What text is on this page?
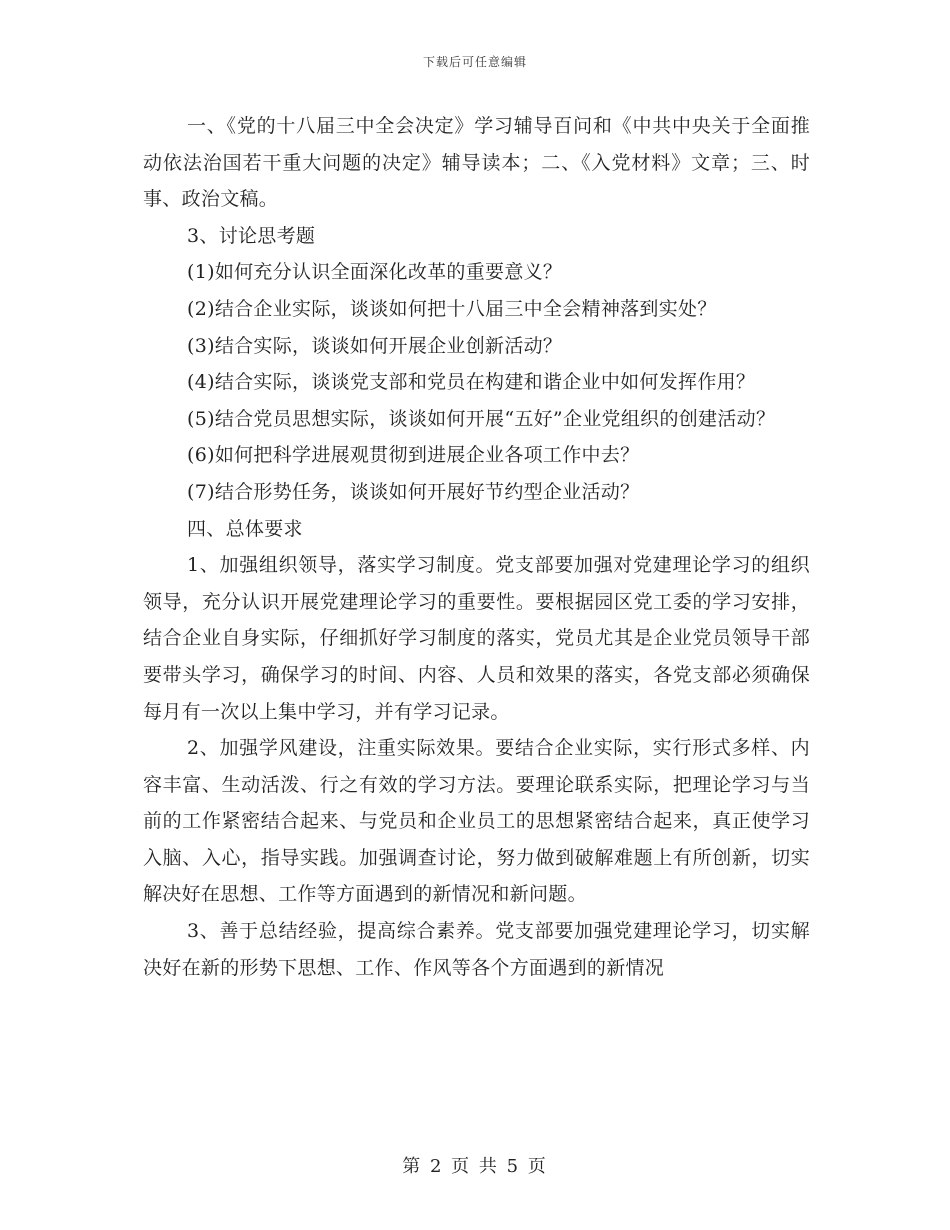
下载后可任意编辑

一、《党的十八届三中全会决定》学习辅导百问和《中共中央关于全面推动依法治国若干重大问题的决定》辅导读本；二、《入党材料》文章；三、时事、政治文稿。

3、讨论思考题

(1)如何充分认识全面深化改革的重要意义？

(2)结合企业实际，谈谈如何把十八届三中全会精神落到实处？

(3)结合实际，谈谈如何开展企业创新活动？

(4)结合实际，谈谈党支部和党员在构建和谐企业中如何发挥作用？

(5)结合党员思想实际，谈谈如何开展“五好”企业党组织的创建活动？

(6)如何把科学进展观贯彻到进展企业各项工作中去？

(7)结合形势任务，谈谈如何开展好节约型企业活动？

四、总体要求

1、加强组织领导，落实学习制度。党支部要加强对党建理论学习的组织领导，充分认识开展党建理论学习的重要性。要根据园区党工委的学习安排，结合企业自身实际，仔细抓好学习制度的落实，党员尤其是企业党员领导干部要带头学习，确保学习的时间、内容、人员和效果的落实，各党支部必须确保每月有一次以上集中学习，并有学习记录。

2、加强学风建设，注重实际效果。要结合企业实际，实行形式多样、内容丰富、生动活泼、行之有效的学习方法。要理论联系实际，把理论学习与当前的工作紧密结合起来、与党员和企业员工的思想紧密结合起来，真正使学习入脑、入心，指导实践。加强调查讨论，努力做到破解难题上有所创新，切实解决好在思想、工作等方面遇到的新情况和新问题。

3、善于总结经验，提高综合素养。党支部要加强党建理论学习，切实解决好在新的形势下思想、工作、作风等各个方面遇到的新情况

第 2 页 共 5 页
